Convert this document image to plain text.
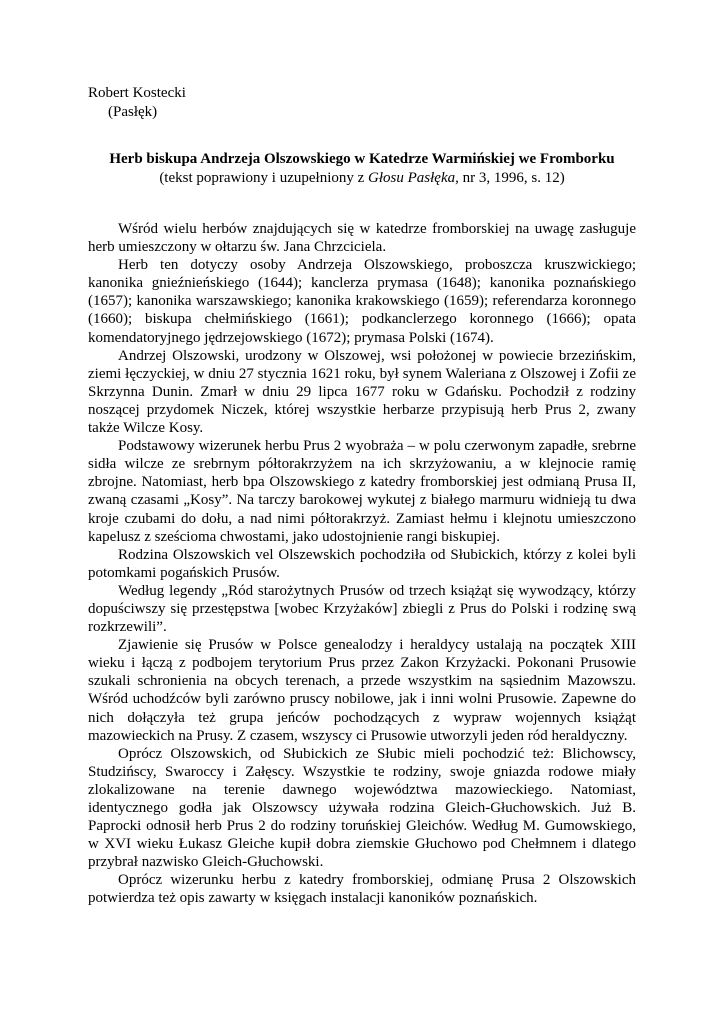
Robert Kostecki
(Pasłęk)
Herb biskupa Andrzeja Olszowskiego w Katedrze Warmińskiej we Fromborku
(tekst poprawiony i uzupełniony z Głosu Pasłęka, nr 3, 1996, s. 12)

Wśród wielu herbów znajdujących się w katedrze fromborskiej na uwagę zasługuje herb umieszczony w ołtarzu św. Jana Chrzciciela.

Herb ten dotyczy osoby Andrzeja Olszowskiego, proboszcza kruszwickiego; kanonika gnieźnieńskiego (1644); kanclerza prymasa (1648); kanonika poznańskiego (1657); kanonika warszawskiego; kanonika krakowskiego (1659); referendarza koronnego (1660); biskupa chełmińskiego (1661); podkanclerzego koronnego (1666); opata komendatoryjnego jędrzejowskiego (1672); prymasa Polski (1674).

Andrzej Olszowski, urodzony w Olszowej, wsi położonej w powiecie brzezińskim, ziemi łęczyckiej, w dniu 27 stycznia 1621 roku, był synem Waleriana z Olszowej i Zofii ze Skrzynna Dunin. Zmarł w dniu 29 lipca 1677 roku w Gdańsku. Pochodził z rodziny noszącej przydomek Niczek, której wszystkie herbarze przypisują herb Prus 2, zwany także Wilcze Kosy.

Podstawowy wizerunek herbu Prus 2 wyobraża – w polu czerwonym zapadłe, srebrne sidła wilcze ze srebrnym półtorakrzyżem na ich skrzyżowaniu, a w klejnocie ramię zbrojne. Natomiast, herb bpa Olszowskiego z katedry fromborskiej jest odmianą Prusa II, zwaną czasami „Kosy”. Na tarczy barokowej wykutej z białego marmuru widnieją tu dwa kroje czubami do dołu, a nad nimi półtorakrzyż. Zamiast hełmu i klejnotu umieszczono kapelusz z sześcioma chwostami, jako udostojnienie rangi biskupiej.

Rodzina Olszowskich vel Olszewskich pochodziła od Słubickich, którzy z kolei byli potomkami pogańskich Prusów.

Według legendy „Ród starożytnych Prusów od trzech książąt się wywodzący, którzy dopuściwszy się przestępstwa [wobec Krzyżaków] zbiegli z Prus do Polski i rodzinę swą rozkrzewili”.

Zjawienie się Prusów w Polsce genealodzy i heraldycy ustalają na początek XIII wieku i łączą z podbojem terytorium Prus przez Zakon Krzyżacki. Pokonani Prusowie szukali schronienia na obcych terenach, a przede wszystkim na sąsiednim Mazowszu. Wśród uchodźców byli zarówno pruscy nobilowe, jak i inni wolni Prusowie. Zapewne do nich dołączyła też grupa jeńców pochodzących z wypraw wojennych książąt mazowieckich na Prusy. Z czasem, wszyscy ci Prusowie utworzyli jeden ród heraldyczny.

Oprócz Olszowskich, od Słubickich ze Słubic mieli pochodzić też: Blichowscy, Studzińscy, Swaroccy i Załęscy. Wszystkie te rodziny, swoje gniazda rodowe miały zlokalizowane na terenie dawnego województwa mazowieckiego. Natomiast, identycznego godła jak Olszowscy używała rodzina Gleich-Głuchowskich. Już B. Paprocki odnosił herb Prus 2 do rodziny toruńskiej Gleichów. Według M. Gumowskiego, w XVI wieku Łukasz Gleiche kupił dobra ziemskie Głuchowo pod Chełmnem i dlatego przybrał nazwisko Gleich-Głuchowski.

Oprócz wizerunku herbu z katedry fromborskiej, odmianę Prusa 2 Olszowskich potwierdza też opis zawarty w księgach instalacji kanoników poznańskich.
